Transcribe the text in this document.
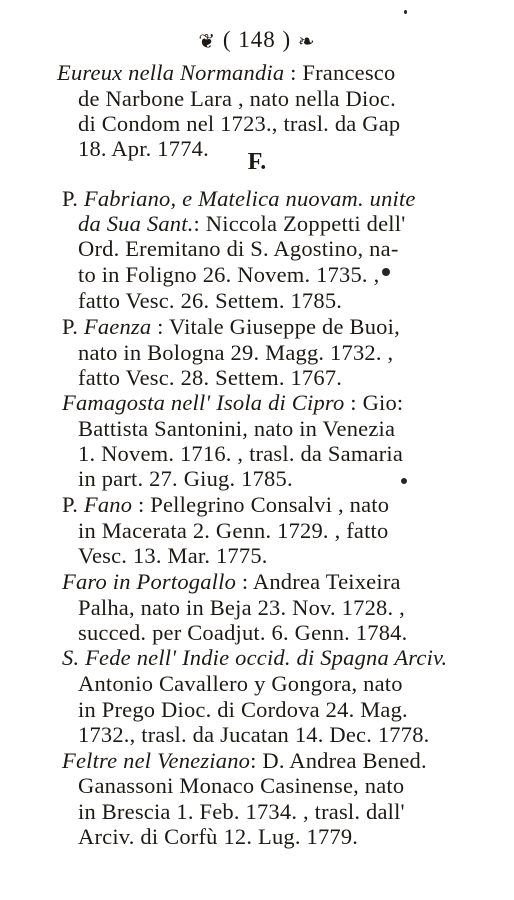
❦ ( 148 ) ❧
F.
Eureux nella Normandia : Francesco
de Narbone Lara , nato nella Dioc.
di Condom nel 1723., trasl. da Gap
18. Apr. 1774.
P. Fabriano, e Matelica nuovam. unite
da Sua Sant.: Niccola Zoppetti dell'
Ord. Eremitano di S. Agostino, na-
to in Foligno 26. Novem. 1735. ,
fatto Vesc. 26. Settem. 1785.
P. Faenza : Vitale Giuseppe de Buoi,
nato in Bologna 29. Magg. 1732. ,
fatto Vesc. 28. Settem. 1767.
Famagosta nell' Isola di Cipro : Gio:
Battista Santonini, nato in Venezia
1. Novem. 1716. , trasl. da Samaria
in part. 27. Giug. 1785.
P. Fano : Pellegrino Consalvi , nato
in Macerata 2. Genn. 1729. , fatto
Vesc. 13. Mar. 1775.
Faro in Portogallo : Andrea Teixeira
Palha, nato in Beja 23. Nov. 1728. ,
succed. per Coadjut. 6. Genn. 1784.
S. Fede nell' Indie occid. di Spagna Arciv.
Antonio Cavallero y Gongora, nato
in Prego Dioc. di Cordova 24. Mag.
1732., trasl. da Jucatan 14. Dec. 1778.
Feltre nel Veneziano: D. Andrea Bened.
Ganassoni Monaco Casinense, nato
in Brescia 1. Feb. 1734. , trasl. dall'
Arciv. di Corfù 12. Lug. 1779.
